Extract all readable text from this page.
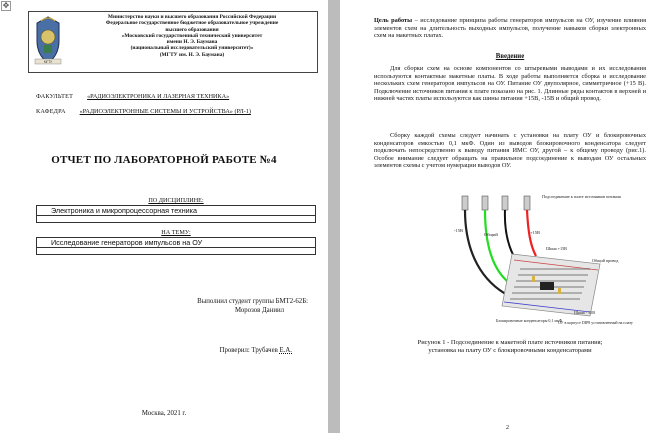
✥
МГТУ
Министерство науки и высшего образования Российской Федерации
Федеральное государственное бюджетное образовательное учреждение
высшего образования
«Московский государственный технический университет
имени Н. Э. Баумана
(национальный исследовательский университет)»
(МГТУ им. Н. Э. Баумана)
ФАКУЛЬТЕТ «РАДИОЭЛЕКТРОНИКА И ЛАЗЕРНАЯ ТЕХНИКА»
КАФЕДРА «РАДИОЭЛЕКТРОННЫЕ СИСТЕМЫ И УСТРОЙСТВА» (РЛ-1)
ОТЧЕТ ПО ЛАБОРАТОРНОЙ РАБОТЕ №4
ПО ДИСЦИПЛИНЕ:
Электроника и микропроцессорная техника
НА ТЕМУ:
Исследование генераторов импульсов на ОУ
Выполнил студент группы БМТ2-62Б:
Морозов Даниил
Проверил: Трубачев Е.А.
Москва, 2021 г.
Цель работы – исследование принципа работы генераторов импульсов на ОУ, изучение влияния элементов схем на длительность выходных импульсов, получение навыков сборки электронных схем на макетных платах.
Введение
Для сборки схем на основе компонентов со штыревыми выводами и их исследования используются контактные макетные платы. В ходе работы выполняется сборка и исследование нескольких схем генераторов импульсов на ОУ. Питание ОУ двуполярное, симметричное (+15 В). Подключение источников питания к плате показано на рис. 1. Длинные ряды контактов в верхней и нижней частях платы используются как шины питания +15В, -15В и общий провод.
Сборку каждой схемы следует начинать с установки на плату ОУ и блокировочных конденсаторов емкостью 0,1 мкФ. Один из выводов блокировочного конденсатора следует подключать непосредственно к выводу питания ИМС ОУ, другой – к общему проводу (рис.1). Особое внимание следует обращать на правильное подсоединение к выводам ОУ остальных элементов схемы с учетом нумерации выводов ОУ.
Подсоединение к плате источников питания
-15В
Общий	+15В
Шина +15В
Общий провод
Шина - 15В
Блокировочные конденсаторы 0,1 мкФ
ОУ в корпусе DIP8 установленный на плату
Рисунок 1 - Подсоединение к макетной плате источников питания;
установка на плату ОУ с блокировочными конденсаторами
2
